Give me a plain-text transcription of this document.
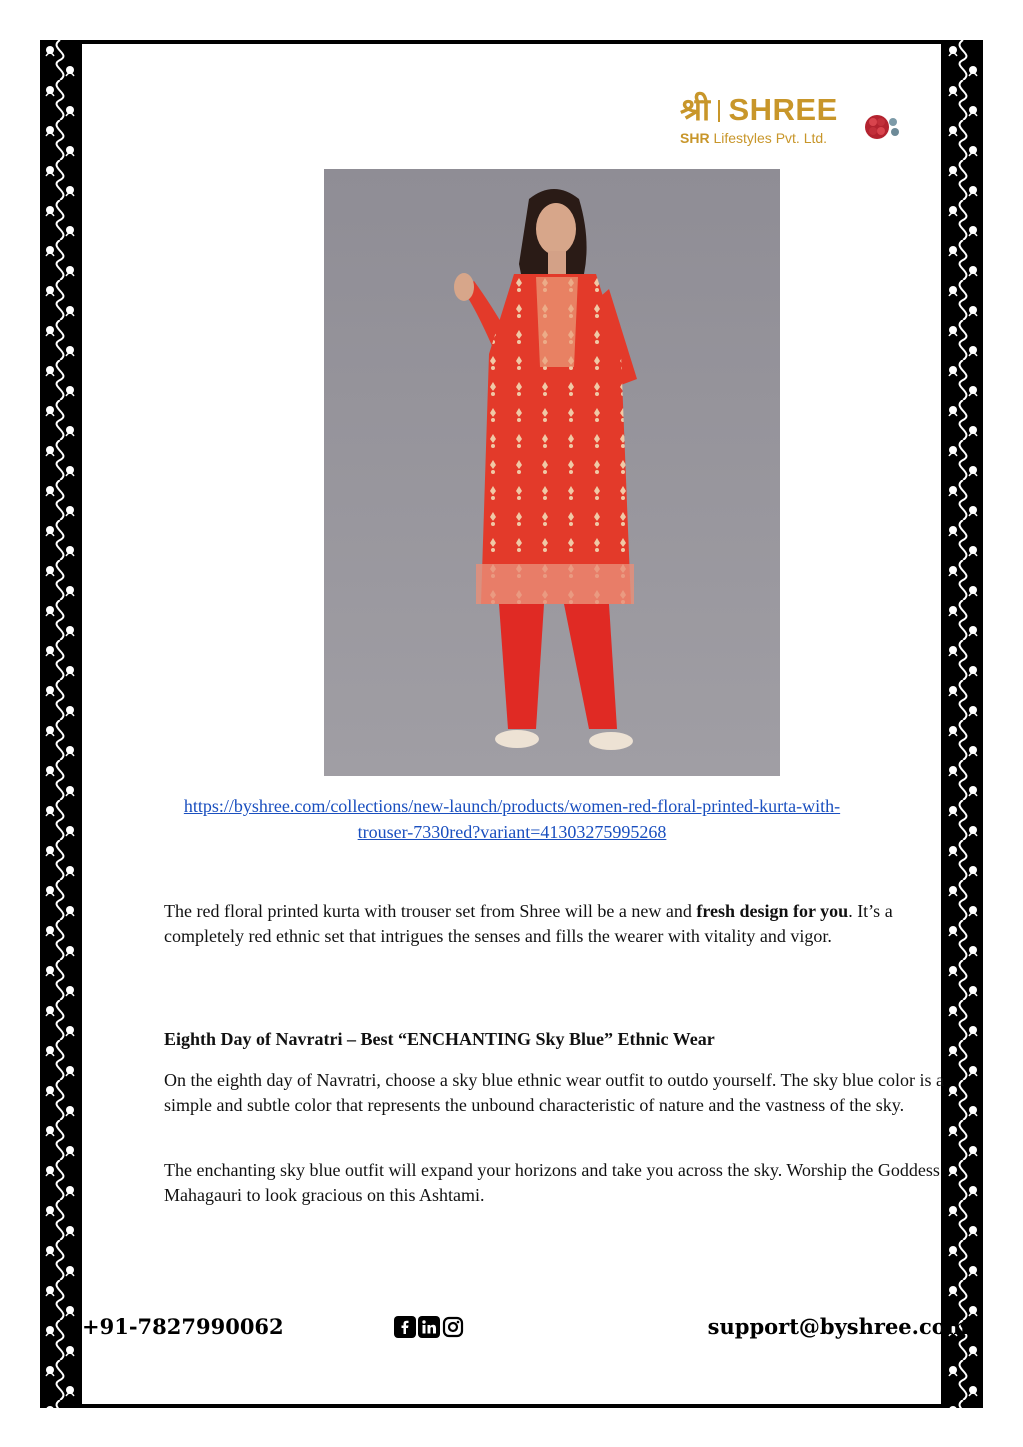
श्री SHREE
SHR Lifestyles Pvt. Ltd.
https://byshree.com/collections/new-launch/products/women-red-floral-printed-kurta-with-
trouser-7330red?variant=41303275995268

The red floral printed kurta with trouser set from Shree will be a new and fresh design for you. It’s a completely red ethnic set that intrigues the senses and fills the wearer with vitality and vigor.

Eighth Day of Navratri – Best “ENCHANTING Sky Blue” Ethnic Wear

On the eighth day of Navratri, choose a sky blue ethnic wear outfit to outdo yourself. The sky blue color is a simple and subtle color that represents the unbound characteristic of nature and the vastness of the sky.

The enchanting sky blue outfit will expand your horizons and take you across the sky. Worship the Goddess Mahagauri to look gracious on this Ashtami.

+91-7827990062	support@byshree.com
